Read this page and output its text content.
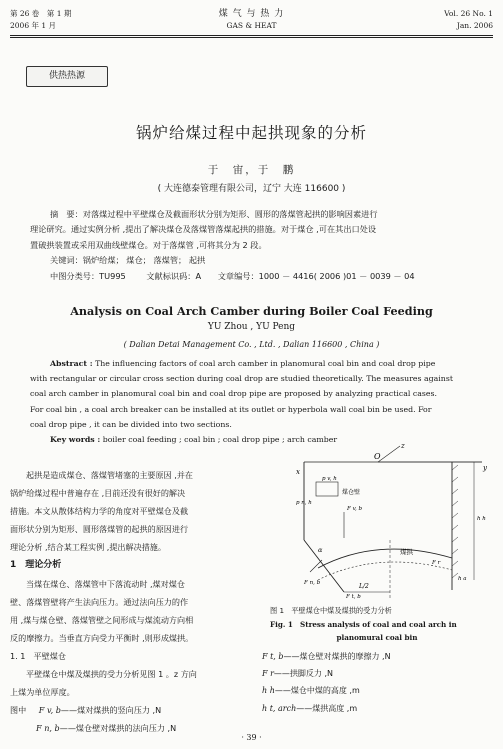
第 26 卷　第 1 期
2006 年 1 月
煤 气 与 热 力
GAS & HEAT
Vol. 26 No. 1
Jan. 2006
供热热源
锅炉给煤过程中起拱现象的分析
于　宙，于　鹏
( 大连德泰管理有限公司，辽宁 大连 116600 )
摘　要：对落煤过程中平壁煤仓及截面形状分别为矩形、圆形的落煤管起拱的影响因素进行
理论研究。通过实例分析 ,提出了解决煤仓及落煤管落煤起拱的措施。对于煤仓 ,可在其出口处设
置破拱装置或采用双曲线壁煤仓。对于落煤管 ,可将其分为 2 段。
关键词：锅炉给煤； 煤仓； 落煤管； 起拱
中图分类号：TU995	文献标识码：A 文章编号：1000 － 4416( 2006 )01 － 0039 － 04
Analysis on Coal Arch Camber during Boiler Coal Feeding
YU Zhou , YU Peng
( Dalian Detai Management Co. , Ltd. , Dalian 116600 , China )
Abstract : The influencing factors of coal arch camber in planomural coal bin and coal drop pipe
with rectangular or circular cross section during coal drop are studied theoretically. The measures against
coal arch camber in planomural coal bin and coal drop pipe are proposed by analyzing practical cases.
For coal bin , a coal arch breaker can be installed at its outlet or hyperbola wall coal bin be used. For
coal drop pipe , it can be divided into two sections.
Key words : boiler coal feeding ; coal bin ; coal drop pipe ; arch camber

起拱是造成煤仓、落煤管堵塞的主要原因 ,并在

锅炉给煤过程中普遍存在 ,目前还没有很好的解决

措施。本文从散体结构力学的角度对平壁煤仓及截

面形状分别为矩形、圆形落煤管的起拱的原因进行

理论分析 ,结合某工程实例 ,提出解决措施。

1　理论分析

当煤在煤仓、落煤管中下落流动时 ,煤对煤仓

壁、落煤管壁将产生法向压力。通过法向压力的作

用 ,煤与煤仓壁、落煤管壁之间形成与煤流动方向相

反的摩擦力。当垂直方向受力平衡时 ,则形成煤拱。

1. 1　平壁煤仓

平壁煤仓中煤及煤拱的受力分析见图 1 。z 方向

上煤为单位厚度。

图中 F v, b——煤对煤拱的竖向压力 ,N

F n, b——煤仓壁对煤拱的法向压力 ,N

O
x	y
z
p v, h
p n, h
煤仓壁
F v, b
煤拱
F r
F n, b	L/2
F t, b
α
h h
h a
图 1　平壁煤仓中煤及煤拱的受力分析
Fig. 1　Stress analysis of coal and coal arch in
planomural coal bin
F t, b——煤仓壁对煤拱的摩擦力 ,N
F r——拱脚反力 ,N
h h——煤仓中煤的高度 ,m
h t, arch——煤拱高度 ,m
· 39 ·
